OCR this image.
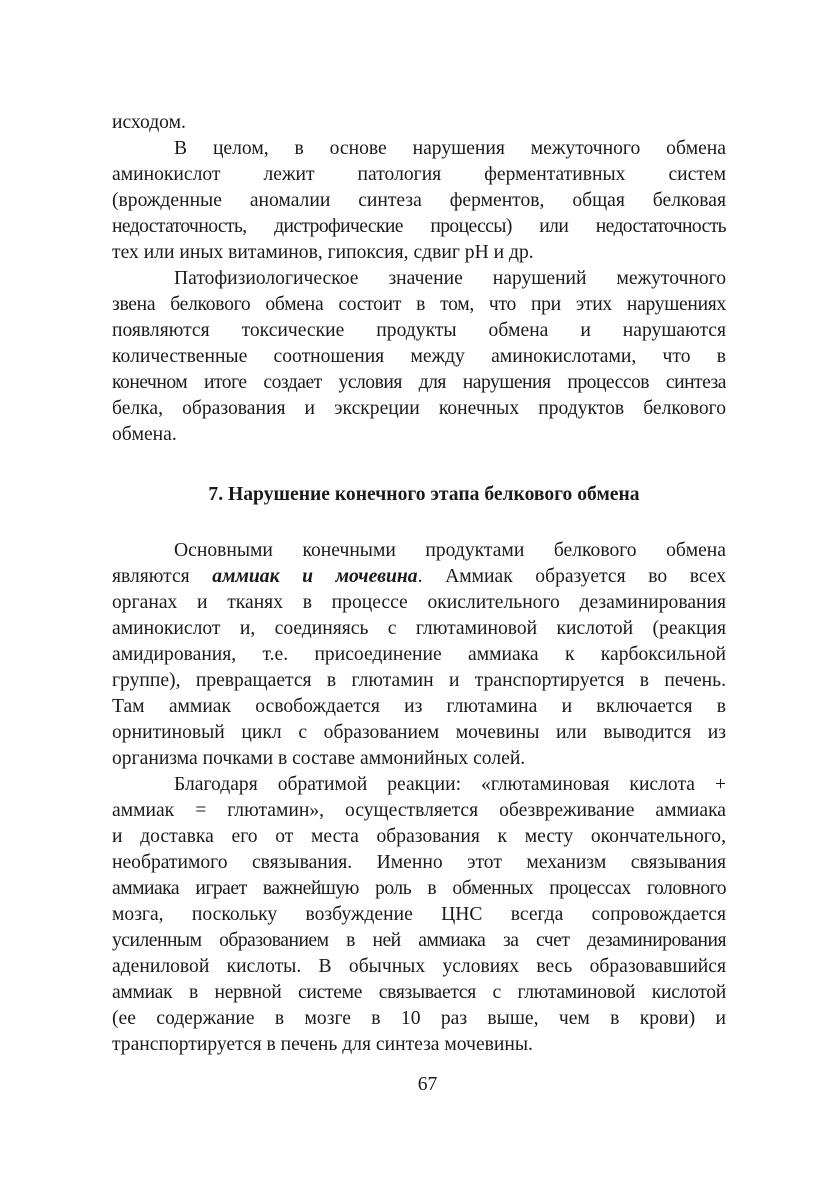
исходом.
В целом, в основе нарушения межуточного обмена
аминокислот лежит патология ферментативных систем
(врожденные аномалии синтеза ферментов, общая белковая
недостаточность, дистрофические процессы) или недостаточность
тех или иных витаминов, гипоксия, сдвиг pH и др.
Патофизиологическое значение нарушений межуточного
звена белкового обмена состоит в том, что при этих нарушениях
появляются токсические продукты обмена и нарушаются
количественные соотношения между аминокислотами, что в
конечном итоге создает условия для нарушения процессов синтеза
белка, образования и экскреции конечных продуктов белкового
обмена.
7. Нарушение конечного этапа белкового обмена
Основными конечными продуктами белкового обмена
являются аммиак и мочевина. Аммиак образуется во всех
органах и тканях в процессе окислительного дезаминирования
аминокислот и, соединяясь с глютаминовой кислотой (реакция
амидирования, т.е. присоединение аммиака к карбоксильной
группе), превращается в глютамин и транспортируется в печень.
Там аммиак освобождается из глютамина и включается в
орнитиновый цикл с образованием мочевины или выводится из
организма почками в составе аммонийных солей.
Благодаря обратимой реакции: «глютаминовая кислота +
аммиак = глютамин», осуществляется обезвреживание аммиака
и доставка его от места образования к месту окончательного,
необратимого связывания. Именно этот механизм связывания
аммиака играет важнейшую роль в обменных процессах головного
мозга, поскольку возбуждение ЦНС всегда сопровождается
усиленным образованием в ней аммиака за счет дезаминирования
адениловой кислоты. В обычных условиях весь образовавшийся
аммиак в нервной системе связывается с глютаминовой кислотой
(ее содержание в мозге в 10 раз выше, чем в крови) и
транспортируется в печень для синтеза мочевины.
67
